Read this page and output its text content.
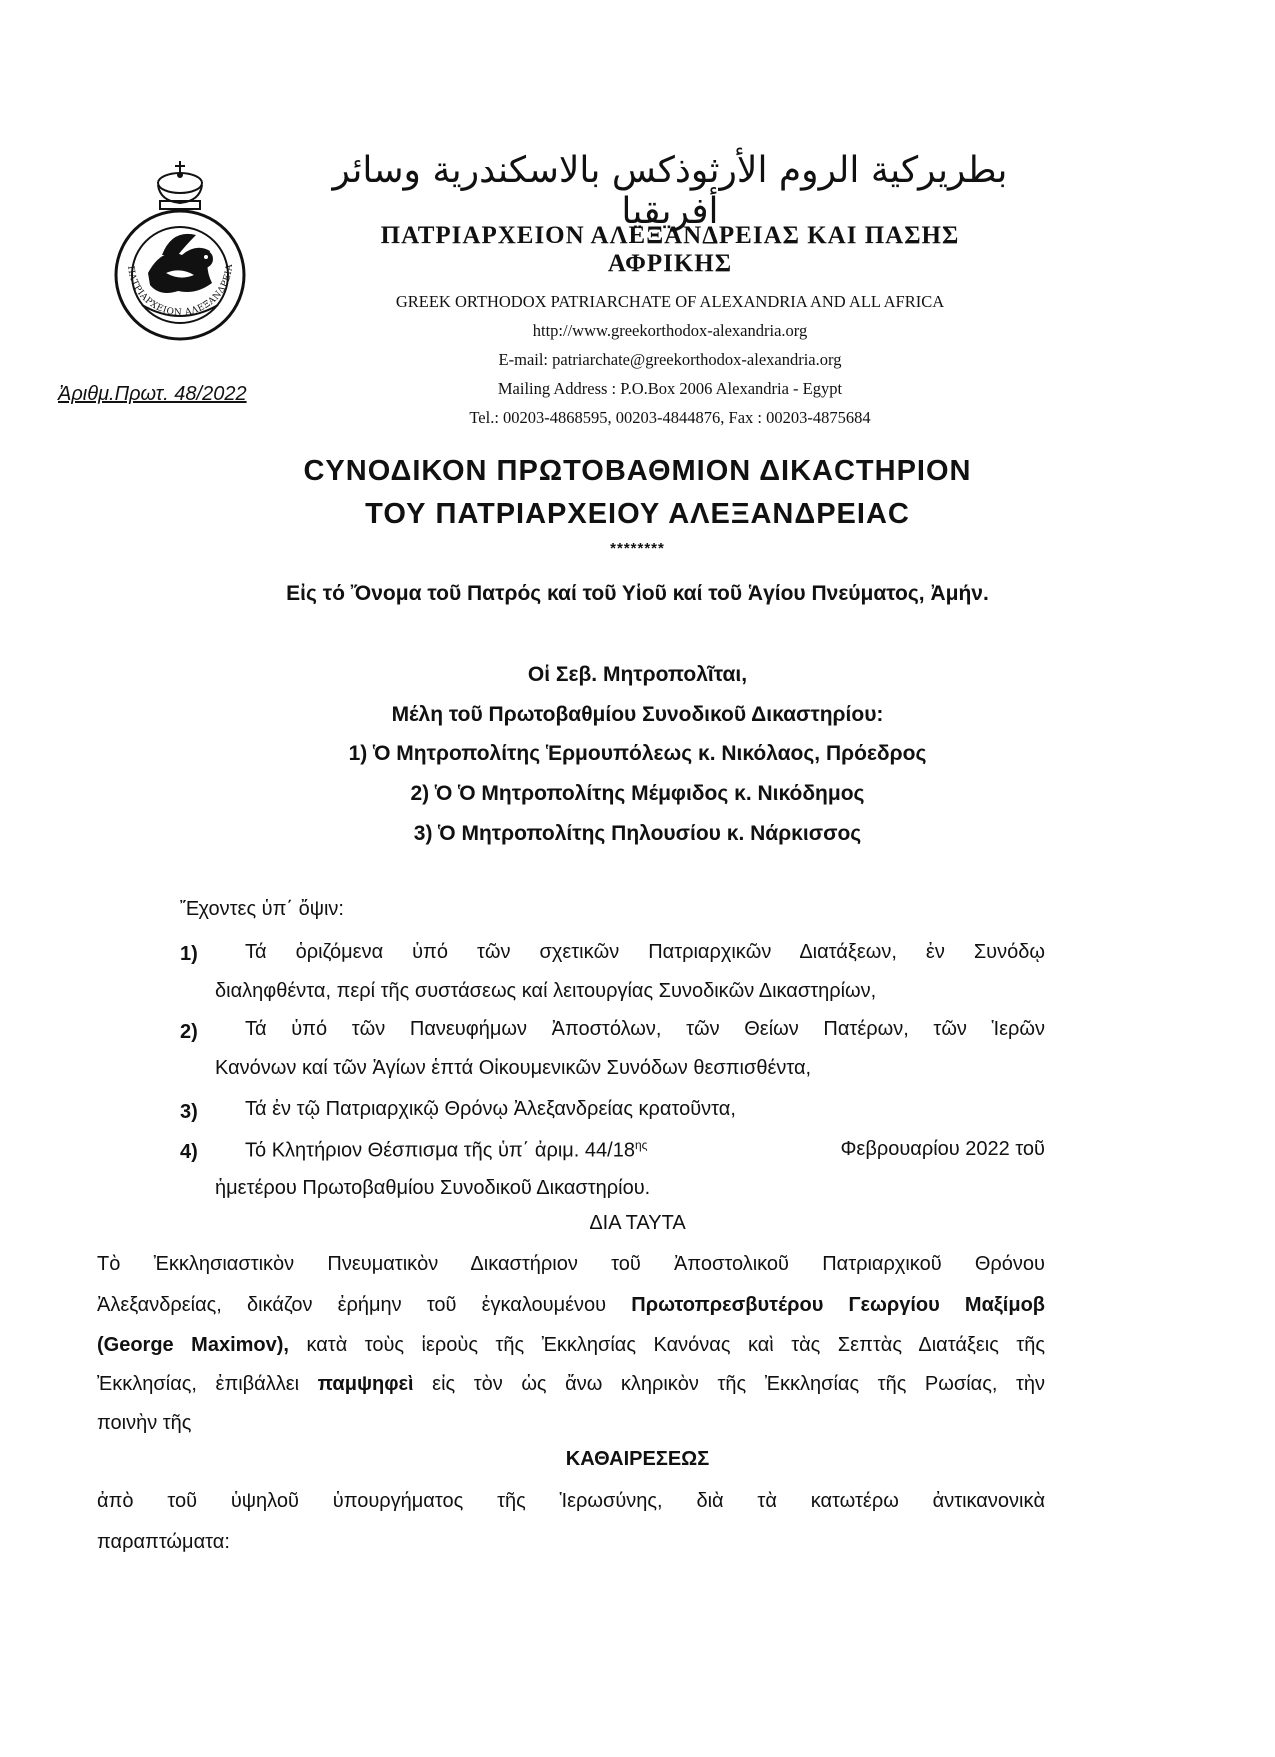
ΠΑΤΡΙΑΡΧΕΙΟΝ ΑΛΕΞΑΝΔΡΕΙΑ
بطريركية الروم الأرثوذكس بالاسكندرية وسائر أفريقيا
ΠΑΤΡΙΑΡΧΕΙΟΝ ΑΛΕΞΑΝΔΡΕΙΑΣ ΚΑΙ ΠΑΣΗΣ ΑΦΡΙΚΗΣ
GREEK ORTHODOX PATRIARCHATE OF ALEXANDRIA AND ALL AFRICA
http://www.greekorthodox-alexandria.org
E-mail: patriarchate@greekorthodox-alexandria.org
Mailing Address : P.O.Box 2006 Alexandria - Egypt
Tel.: 00203-4868595, 00203-4844876, Fax : 00203-4875684
Ἀριθμ.Πρωτ. 48/2022
CΥΝΟΔΙΚΟΝ ΠΡΩΤΟΒΑΘΜΙΟΝ ΔΙΚΑCΤΗΡΙΟΝ
ΤΟΥ ΠΑΤΡΙΑΡΧΕΙΟΥ ΑΛΕΞΑΝΔΡΕΙΑC
********
Εἰς τό Ὄνομα τοῦ Πατρός καί τοῦ Υἱοῦ καί τοῦ Ἁγίου Πνεύματος, Ἀμήν.
Οἱ Σεβ. Μητροπολῖται,
Μέλη τοῦ Πρωτοβαθμίου Συνοδικοῦ Δικαστηρίου:
1) Ὁ Μητροπολίτης Ἑρμουπόλεως κ. Νικόλαος, Πρόεδρος
2) Ὁ Ὁ Μητροπολίτης Μέμφιδος κ. Νικόδημος
3) Ὁ Μητροπολίτης Πηλουσίου κ. Νάρκισσος
Ἔχοντες ὑπ΄ ὄψιν:
1) Τά ὁριζόμενα ὑπό τῶν σχετικῶν Πατριαρχικῶν Διατάξεων, ἐν Συνόδῳ
διαληφθέντα, περί τῆς συστάσεως καί λειτουργίας Συνοδικῶν Δικαστηρίων,
2) Τά ὑπό τῶν Πανευφήμων Ἀποστόλων, τῶν Θείων Πατέρων, τῶν Ἱερῶν
Κανόνων καί τῶν Ἁγίων ἑπτά Οἰκουμενικῶν Συνόδων θεσπισθέντα,
3) Τά ἐν τῷ Πατριαρχικῷ Θρόνῳ Ἀλεξανδρείας κρατοῦντα,
4) Τό Κλητήριον Θέσπισμα τῆς ὑπ΄ ἀριμ. $44/18^{\eta\varsigma}$	Φεβρουαρίου 2022 τοῦ
ἡμετέρου Πρωτοβαθμίου Συνοδικοῦ Δικαστηρίου.
ΔΙΑ ΤΑΥΤΑ
Τὸ Ἐκκλησιαστικὸν Πνευματικὸν Δικαστήριον τοῦ Ἀποστολικοῦ Πατριαρχικοῦ Θρόνου
Ἀλεξανδρείας, δικάζον ἐρήμην τοῦ ἐγκαλουμένου Πρωτοπρεσβυτέρου Γεωργίου Μαξίμοβ
(George Maximov), κατὰ τοὺς ἱεροὺς τῆς Ἐκκλησίας Κανόνας καὶ τὰς Σεπτὰς Διατάξεις τῆς
Ἐκκλησίας, ἐπιβάλλει παμψηφεὶ εἰς τὸν ὡς ἄνω κληρικὸν τῆς Ἐκκλησίας τῆς Ρωσίας, τὴν
ποινὴν τῆς
ΚΑΘΑΙΡΕΣΕΩΣ
ἀπὸ τοῦ ὑψηλοῦ ὑπουργήματος τῆς Ἱερωσύνης, διὰ τὰ κατωτέρω ἀντικανονικὰ
παραπτώματα:
